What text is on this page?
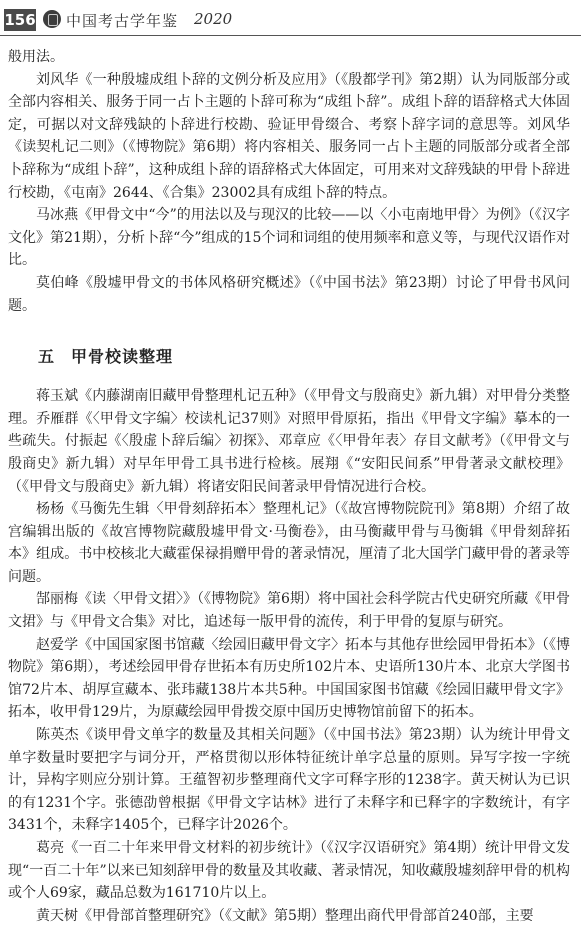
156 中国考古学年鉴 2020

般用法。

刘风华《一种殷墟成组卜辞的文例分析及应用》（《殷都学刊》第2期）认为同版部分或全部内容相关、服务于同一占卜主题的卜辞可称为“成组卜辞”。成组卜辞的语辞格式大体固定，可据以对文辞残缺的卜辞进行校勘、验证甲骨缀合、考察卜辞字词的意思等。刘风华《读契札记二则》（《博物院》第6期）将内容相关、服务同一占卜主题的同版部分或者全部卜辞称为“成组卜辞”，这种成组卜辞的语辞格式大体固定，可用来对文辞残缺的甲骨卜辞进行校勘，《屯南》2644、《合集》23002具有成组卜辞的特点。

马冰燕《甲骨文中“今”的用法以及与现汉的比较——以〈小屯南地甲骨〉为例》（《汉字文化》第21期），分析卜辞“今”组成的15个词和词组的使用频率和意义等，与现代汉语作对比。

莫伯峰《殷墟甲骨文的书体风格研究概述》（《中国书法》第23期）讨论了甲骨书风问题。

五 甲骨校读整理

蒋玉斌《内藤湖南旧藏甲骨整理札记五种》（《甲骨文与殷商史》新九辑）对甲骨分类整理。乔雁群《〈甲骨文字编〉校读札记37则》对照甲骨原拓，指出《甲骨文字编》摹本的一些疏失。付振起《〈殷虚卜辞后编〉初探》、邓章应《〈甲骨年表〉存目文献考》（《甲骨文与殷商史》新九辑）对早年甲骨工具书进行检核。展翔《“安阳民间系”甲骨著录文献校理》（《甲骨文与殷商史》新九辑）将诸安阳民间著录甲骨情况进行合校。

杨杨《马衡先生辑〈甲骨刻辞拓本〉整理札记》（《故宫博物院院刊》第8期）介绍了故宫编辑出版的《故宫博物院藏殷墟甲骨文·马衡卷》，由马衡藏甲骨与马衡辑《甲骨刻辞拓本》组成。书中校核北大藏霍保禄捐赠甲骨的著录情况，厘清了北大国学门藏甲骨的著录等问题。

郜丽梅《读〈甲骨文捃〉》（《博物院》第6期）将中国社会科学院古代史研究所藏《甲骨文捃》与《甲骨文合集》对比，追述每一版甲骨的流传，利于甲骨的复原与研究。

赵爱学《中国国家图书馆藏〈绘园旧藏甲骨文字〉拓本与其他存世绘园甲骨拓本》（《博物院》第6期），考述绘园甲骨存世拓本有历史所102片本、史语所130片本、北京大学图书馆72片本、胡厚宣藏本、张玮藏138片本共5种。中国国家图书馆藏《绘园旧藏甲骨文字》拓本，收甲骨129片，为原藏绘园甲骨拨交原中国历史博物馆前留下的拓本。

陈英杰《谈甲骨文单字的数量及其相关问题》（《中国书法》第23期）认为统计甲骨文单字数量时要把字与词分开，严格贯彻以形体特征统计单字总量的原则。异写字按一字统计，异构字则应分别计算。王蕴智初步整理商代文字可释字形的1238字。黄天树认为已识的有1231个字。张德劭曾根据《甲骨文字诂林》进行了未释字和已释字的字数统计，有字3431个，未释字1405个，已释字计2026个。

葛亮《一百二十年来甲骨文材料的初步统计》（《汉字汉语研究》第4期）统计甲骨文发现“一百二十年”以来已知刻辞甲骨的数量及其收藏、著录情况，知收藏殷墟刻辞甲骨的机构或个人69家，藏品总数为161710片以上。

黄天树《甲骨部首整理研究》（《文献》第5期）整理出商代甲骨部首240部，主要
